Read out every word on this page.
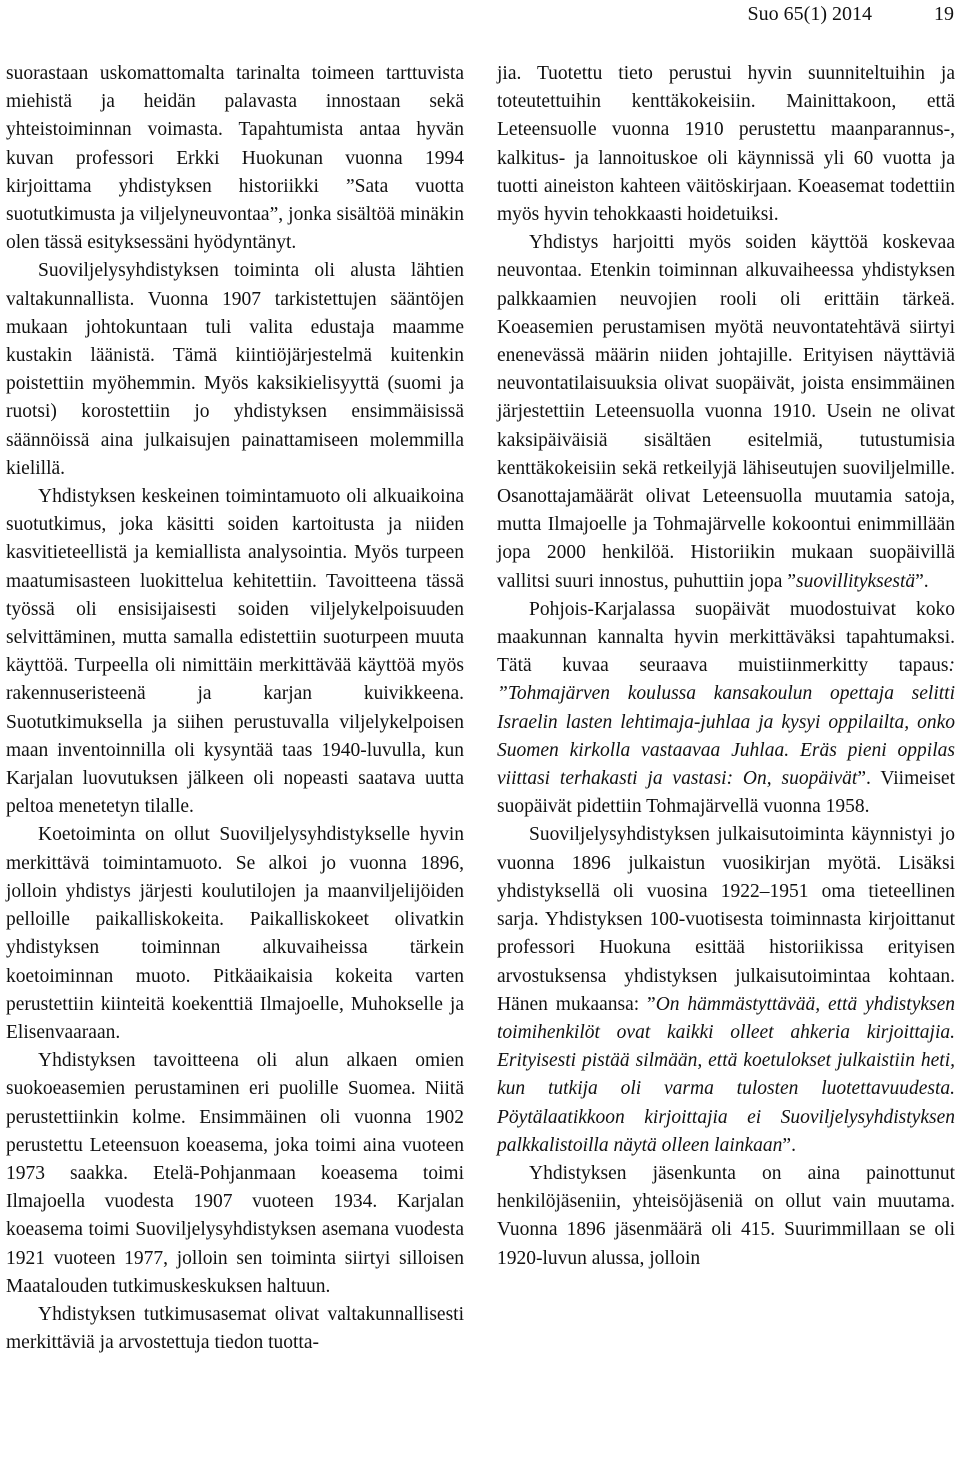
Suo 65(1) 2014	19

suorastaan uskomattomalta tarinalta toimeen tarttuvista miehistä ja heidän palavasta innostaan sekä yhteistoiminnan voimasta. Tapahtumista antaa hyvän kuvan professori Erkki Huokunan vuonna 1994 kirjoittama yhdistyksen historiikki ”Sata vuotta suotutkimusta ja viljelyneuvontaa”, jonka sisältöä minäkin olen tässä esityksessäni hyödyntänyt.

Suoviljelysyhdistyksen toiminta oli alusta lähtien valtakunnallista. Vuonna 1907 tarkistettujen sääntöjen mukaan johtokuntaan tuli valita edustaja maamme kustakin läänistä. Tämä kiintiöjärjestelmä kuitenkin poistettiin myöhemmin. Myös kaksikielisyyttä (suomi ja ruotsi) korostettiin jo yhdistyksen ensimmäisissä säännöissä aina julkaisujen painattamiseen molemmilla kielillä.

Yhdistyksen keskeinen toimintamuoto oli alkuaikoina suotutkimus, joka käsitti soiden kartoitusta ja niiden kasvitieteellistä ja kemiallista analysointia. Myös turpeen maatumisasteen luokittelua kehitettiin. Tavoitteena tässä työssä oli ensisijaisesti soiden viljelykelpoisuuden selvittäminen, mutta samalla edistettiin suoturpeen muuta käyttöä. Turpeella oli nimittäin merkittävää käyttöä myös rakennuseristeenä ja karjan kuivikkeena. Suotutkimuksella ja siihen perustuvalla viljelykelpoisen maan inventoinnilla oli kysyntää taas 1940-luvulla, kun Karjalan luovutuksen jälkeen oli nopeasti saatava uutta peltoa menetetyn tilalle.

Koetoiminta on ollut Suoviljelysyhdistykselle hyvin merkittävä toimintamuoto. Se alkoi jo vuonna 1896, jolloin yhdistys järjesti koulutilojen ja maanviljelijöiden pelloille paikalliskokeita. Paikalliskokeet olivatkin yhdistyksen toiminnan alkuvaiheissa tärkein koetoiminnan muoto. Pitkäaikaisia kokeita varten perustettiin kiinteitä koekenttiä Ilmajoelle, Muhokselle ja Elisenvaaraan.

Yhdistyksen tavoitteena oli alun alkaen omien suokoeasemien perustaminen eri puolille Suomea. Niitä perustettiinkin kolme. Ensimmäinen oli vuonna 1902 perustettu Leteensuon koeasema, joka toimi aina vuoteen 1973 saakka. Etelä-Pohjanmaan koeasema toimi Ilmajoella vuodesta 1907 vuoteen 1934. Karjalan koeasema toimi Suoviljelysyhdistyksen asemana vuodesta 1921 vuoteen 1977, jolloin sen toiminta siirtyi silloisen Maatalouden tutkimuskeskuksen haltuun.

Yhdistyksen tutkimusasemat olivat valtakunnallisesti merkittäviä ja arvostettuja tiedon tuotta-

jia. Tuotettu tieto perustui hyvin suunniteltuihin ja toteutettuihin kenttäkokeisiin. Mainittakoon, että Leteensuolle vuonna 1910 perustettu maanparannus-, kalkitus- ja lannoituskoe oli käynnissä yli 60 vuotta ja tuotti aineiston kahteen väitöskirjaan. Koeasemat todettiin myös hyvin tehokkaasti hoidetuiksi.

Yhdistys harjoitti myös soiden käyttöä koskevaa neuvontaa. Etenkin toiminnan alkuvaiheessa yhdistyksen palkkaamien neuvojien rooli oli erittäin tärkeä. Koeasemien perustamisen myötä neuvontatehtävä siirtyi enenevässä määrin niiden johtajille. Erityisen näyttäviä neuvontatilaisuuksia olivat suopäivät, joista ensimmäinen järjestettiin Leteensuolla vuonna 1910. Usein ne olivat kaksipäiväisiä sisältäen esitelmiä, tutustumisia kenttäkokeisiin sekä retkeilyjä lähiseutujen suoviljelmille. Osanottajamäärät olivat Leteensuolla muutamia satoja, mutta Ilmajoelle ja Tohmajärvelle kokoontui enimmillään jopa 2000 henkilöä. Historiikin mukaan suopäivillä vallitsi suuri innostus, puhuttiin jopa ”suovillityksestä”.

Pohjois-Karjalassa suopäivät muodostuivat koko maakunnan kannalta hyvin merkittäväksi tapahtumaksi. Tätä kuvaa seuraava muistiinmerkitty tapaus: ”Tohmajärven koulussa kansakoulun opettaja selitti Israelin lasten lehtimaja-juhlaa ja kysyi oppilailta, onko Suomen kirkolla vastaavaa Juhlaa. Eräs pieni oppilas viittasi terhakasti ja vastasi: On, suopäivät”. Viimeiset suopäivät pidettiin Tohmajärvellä vuonna 1958.

Suoviljelysyhdistyksen julkaisutoiminta käynnistyi jo vuonna 1896 julkaistun vuosikirjan myötä. Lisäksi yhdistyksellä oli vuosina 1922–1951 oma tieteellinen sarja. Yhdistyksen 100-vuotisesta toiminnasta kirjoittanut professori Huokuna esittää historiikissa erityisen arvostuksensa yhdistyksen julkaisutoimintaa kohtaan. Hänen mukaansa: ”On hämmästyttävää, että yhdistyksen toimihenkilöt ovat kaikki olleet ahkeria kirjoittajia. Erityisesti pistää silmään, että koetulokset julkaistiin heti, kun tutkija oli varma tulosten luotettavuudesta. Pöytälaatikkoon kirjoittajia ei Suoviljelysyhdistyksen palkkalistoilla näytä olleen lainkaan”.

Yhdistyksen jäsenkunta on aina painottunut henkilöjäseniin, yhteisöjäseniä on ollut vain muutama. Vuonna 1896 jäsenmäärä oli 415. Suurimmillaan se oli 1920-luvun alussa, jolloin
